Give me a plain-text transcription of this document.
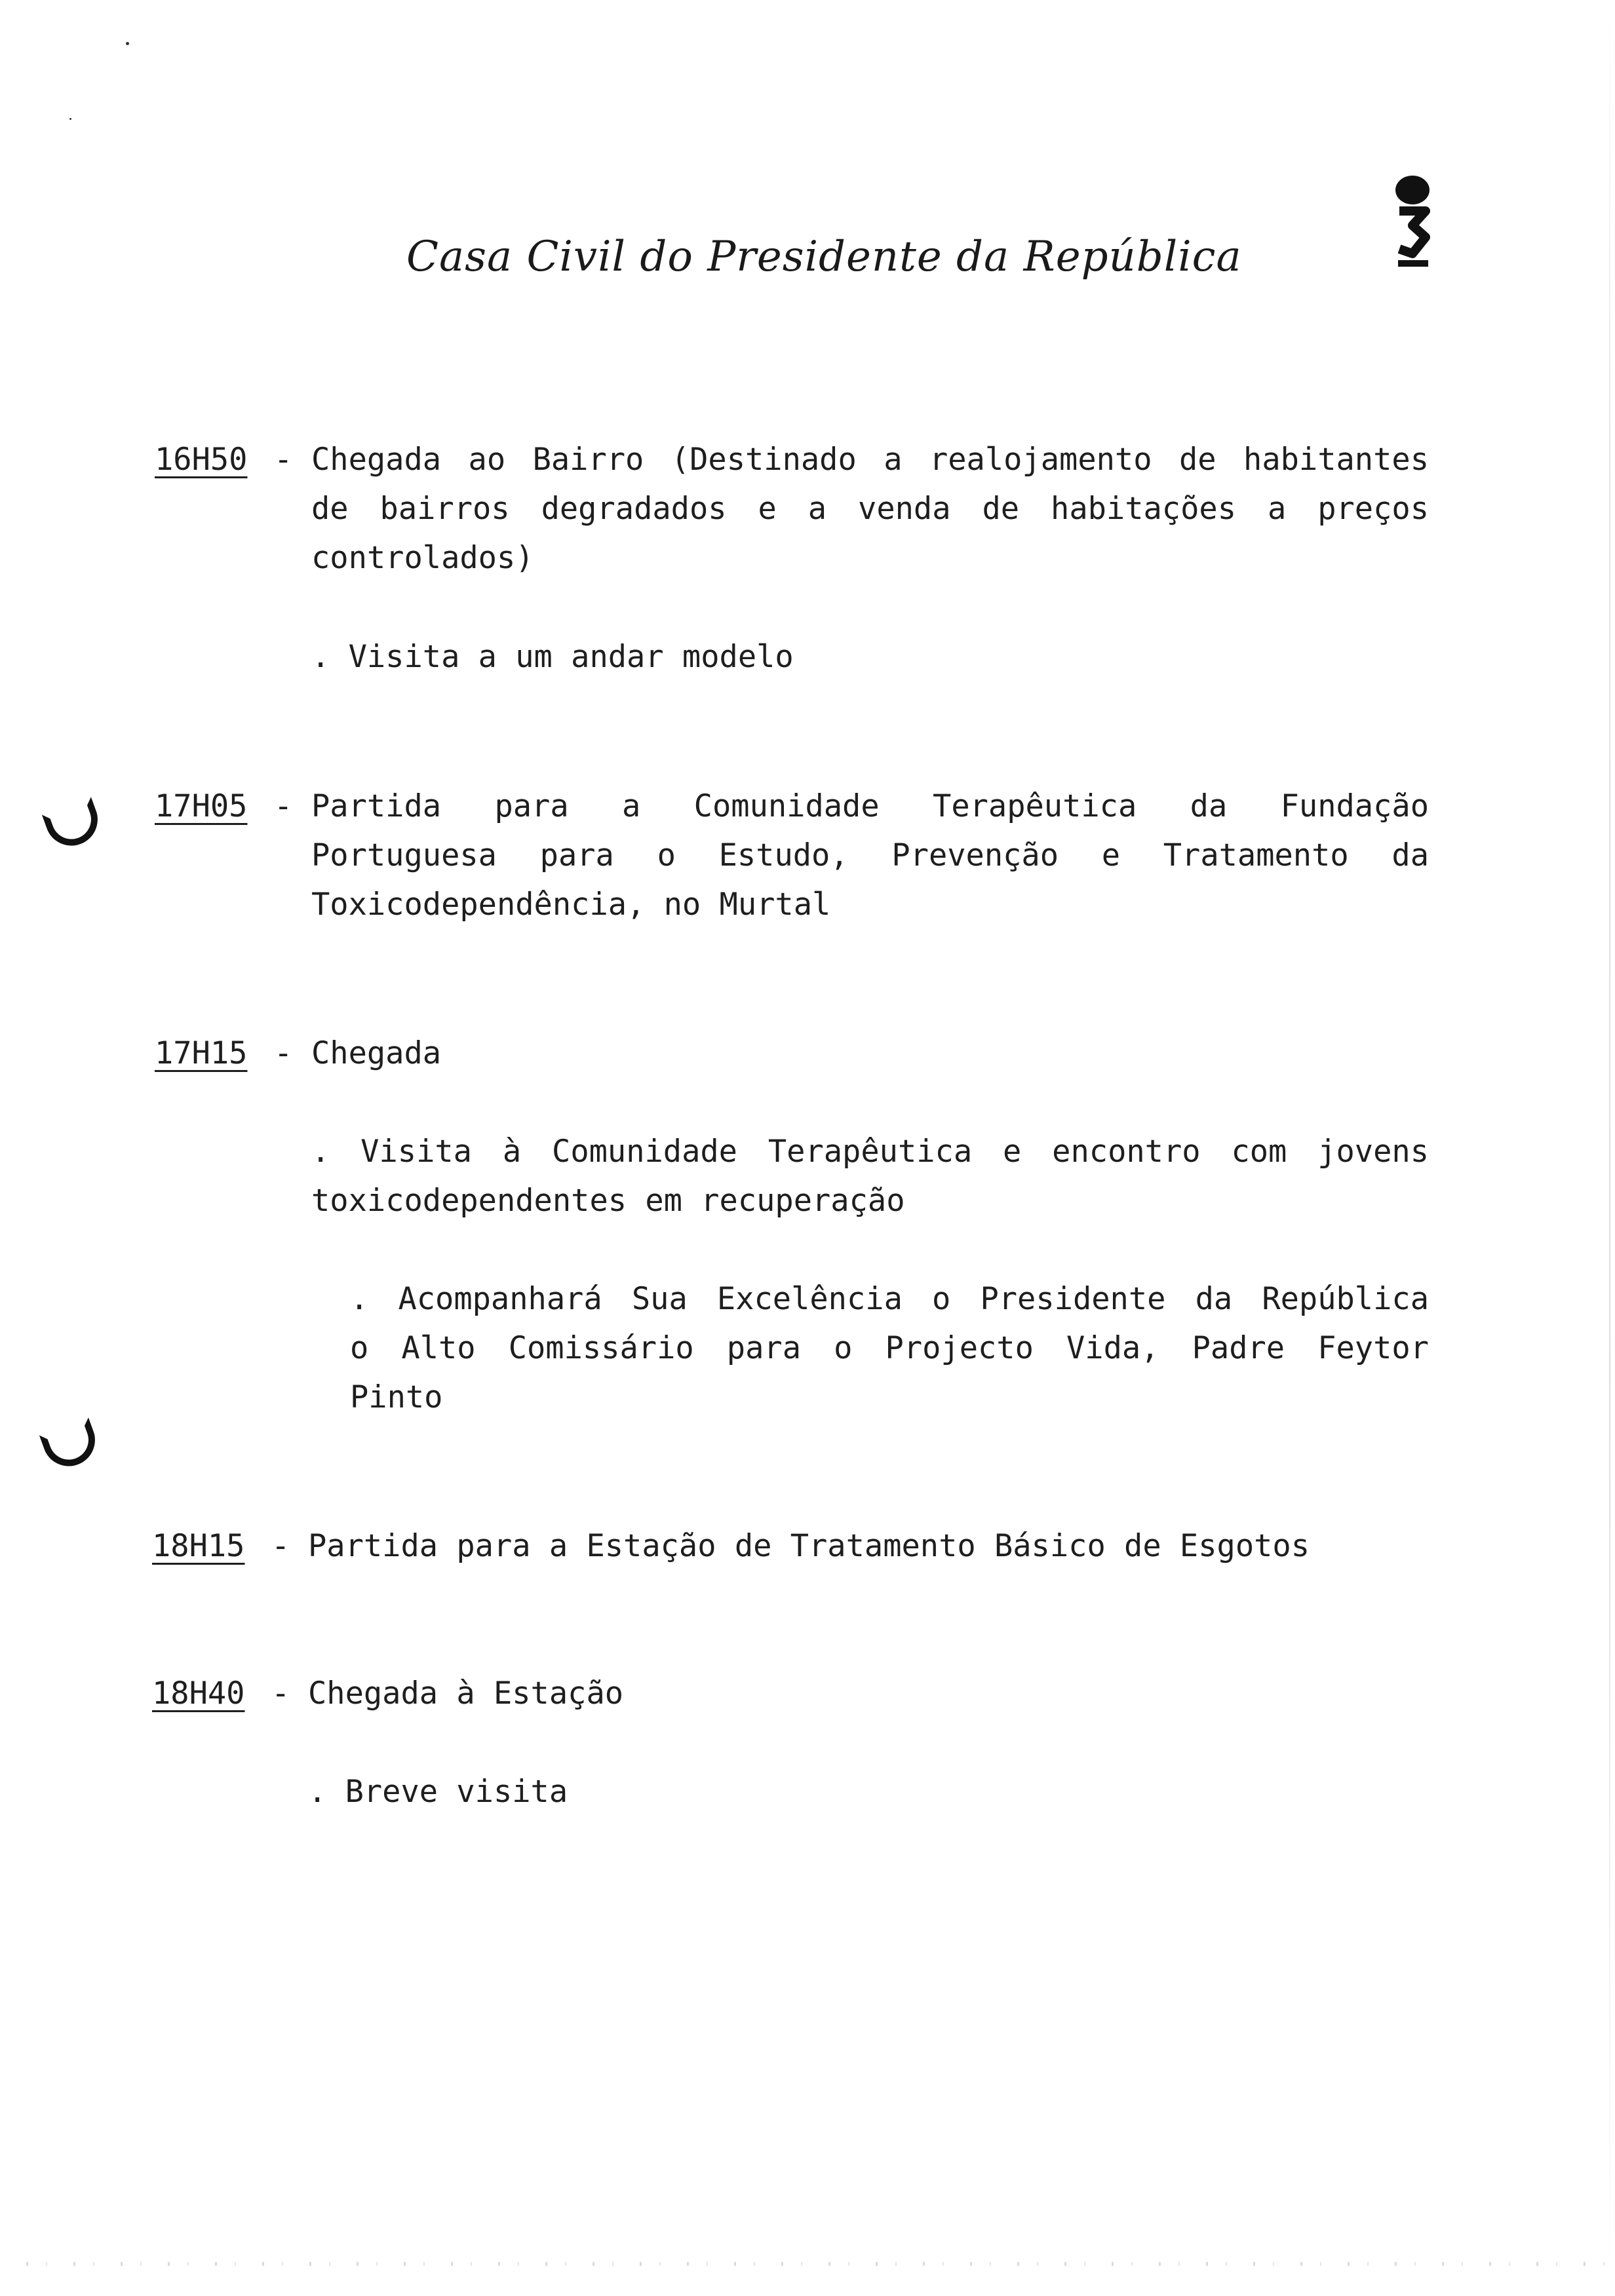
Casa Civil do Presidente da República

16H50

-

Chegada ao Bairro (Destinado a realojamento de habitantes

de bairros degradados e a venda de habitações a preços

controlados)

. Visita a um andar modelo

17H05

-

Partida para a Comunidade Terapêutica da Fundação

Portuguesa para o Estudo, Prevenção e Tratamento da

Toxicodependência, no Murtal

17H15

-

Chegada

. Visita à Comunidade Terapêutica e encontro com jovens

toxicodependentes em recuperação

. Acompanhará Sua Excelência o Presidente da República

o Alto Comissário para o Projecto Vida, Padre Feytor

Pinto

18H15

-

Partida para a Estação de Tratamento Básico de Esgotos

18H40

-

Chegada à Estação

. Breve visita
